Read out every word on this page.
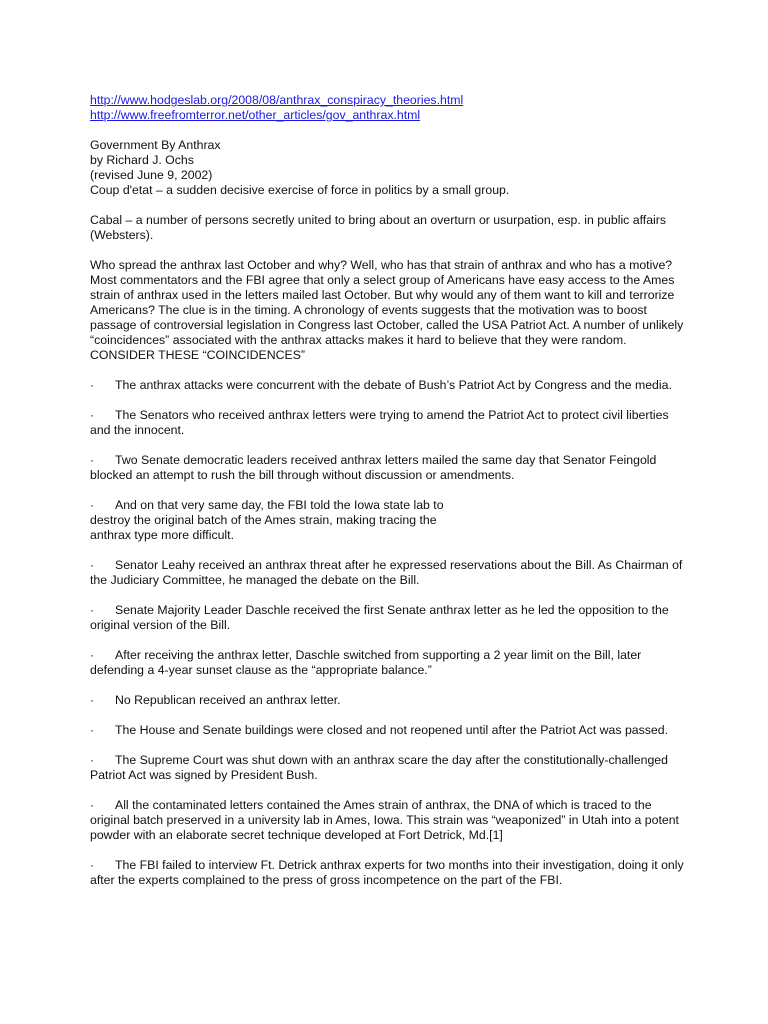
http://www.hodgeslab.org/2008/08/anthrax_conspiracy_theories.html
http://www.freefromterror.net/other_articles/gov_anthrax.html
Government By Anthrax
by Richard J. Ochs
(revised June 9, 2002)
Coup d'etat – a sudden decisive exercise of force in politics by a small group.

Cabal – a number of persons secretly united to bring about an overturn or usurpation, esp. in public affairs (Websters).

Who spread the anthrax last October and why? Well, who has that strain of anthrax and who has a motive? Most commentators and the FBI agree that only a select group of Americans have easy access to the Ames strain of anthrax used in the letters mailed last October. But why would any of them want to kill and terrorize Americans? The clue is in the timing. A chronology of events suggests that the motivation was to boost passage of controversial legislation in Congress last October, called the USA Patriot Act. A number of unlikely “coincidences” associated with the anthrax attacks makes it hard to believe that they were random.

CONSIDER THESE “COINCIDENCES”

· The anthrax attacks were concurrent with the debate of Bush’s Patriot Act by Congress and the media.

· The Senators who received anthrax letters were trying to amend the Patriot Act to protect civil liberties and the innocent.

· Two Senate democratic leaders received anthrax letters mailed the same day that Senator Feingold blocked an attempt to rush the bill through without discussion or amendments.

· And on that very same day, the FBI told the Iowa state lab to destroy the original batch of the Ames strain, making tracing the anthrax type more difficult.

· Senator Leahy received an anthrax threat after he expressed reservations about the Bill. As Chairman of the Judiciary Committee, he managed the debate on the Bill.

· Senate Majority Leader Daschle received the first Senate anthrax letter as he led the opposition to the original version of the Bill.

· After receiving the anthrax letter, Daschle switched from supporting a 2 year limit on the Bill, later defending a 4-year sunset clause as the “appropriate balance.”

· No Republican received an anthrax letter.

· The House and Senate buildings were closed and not reopened until after the Patriot Act was passed.

· The Supreme Court was shut down with an anthrax scare the day after the constitutionally-challenged Patriot Act was signed by President Bush.

· All the contaminated letters contained the Ames strain of anthrax, the DNA of which is traced to the original batch preserved in a university lab in Ames, Iowa. This strain was “weaponized” in Utah into a potent powder with an elaborate secret technique developed at Fort Detrick, Md.[1]

· The FBI failed to interview Ft. Detrick anthrax experts for two months into their investigation, doing it only after the experts complained to the press of gross incompetence on the part of the FBI.
